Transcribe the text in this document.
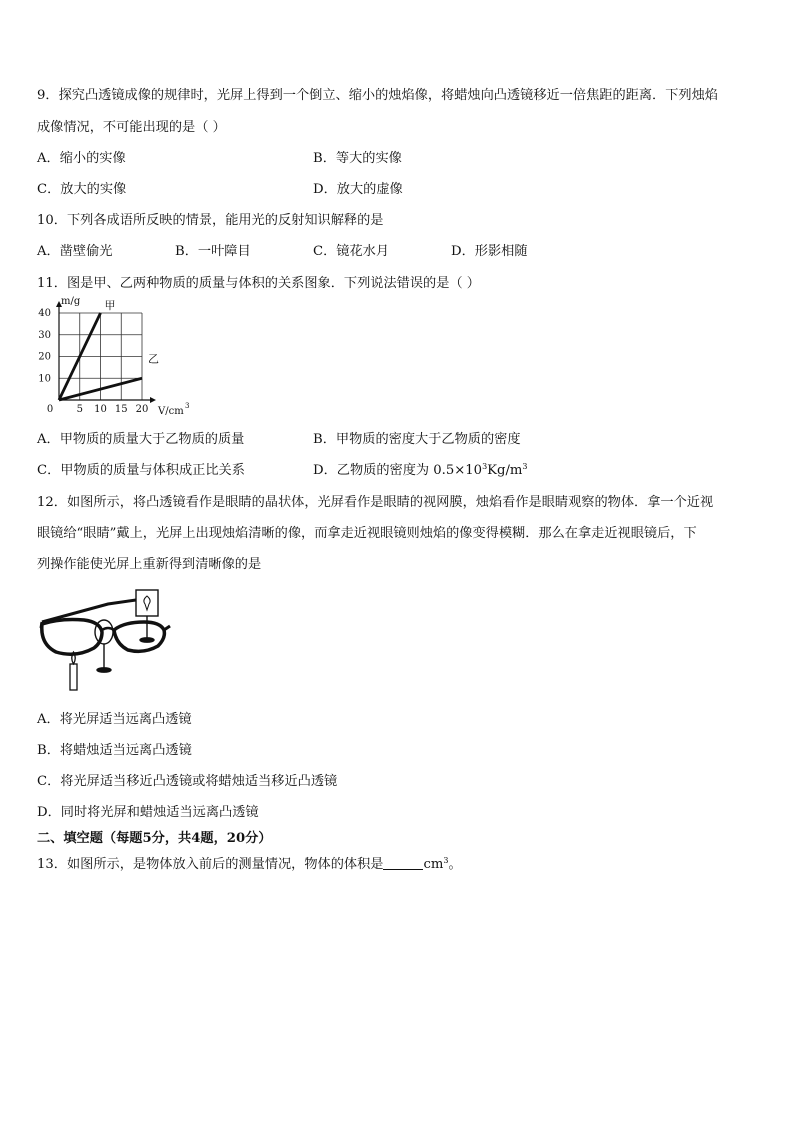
9．探究凸透镜成像的规律时，光屏上得到一个倒立、缩小的烛焰像，将蜡烛向凸透镜移近一倍焦距的距离．下列烛焰
成像情况，不可能出现的是（ ）
A．缩小的实像	B．等大的实像
C．放大的实像	D．放大的虚像
10．下列各成语所反映的情景，能用光的反射知识解释的是
A．凿壁偷光	B．一叶障目	C．镜花水月	D．形影相随
11．图是甲、乙两种物质的质量与体积的关系图象．下列说法错误的是（ ）
0 5 10 15 20
10
20
30
40
m/g
V/cm 3
甲
乙
A．甲物质的质量大于乙物质的质量	B．甲物质的密度大于乙物质的密度
C．甲物质的质量与体积成正比关系	D．乙物质的密度为 $0.5\times 10^3Kg/m^3$
12．如图所示，将凸透镜看作是眼睛的晶状体，光屏看作是眼睛的视网膜，烛焰看作是眼睛观察的物体．拿一个近视
眼镜给“眼睛”戴上，光屏上出现烛焰清晰的像，而拿走近视眼镜则烛焰的像变得模糊．那么在拿走近视眼镜后，下
列操作能使光屏上重新得到清晰像的是
A．将光屏适当远离凸透镜
B．将蜡烛适当远离凸透镜
C．将光屏适当移近凸透镜或将蜡烛适当移近凸透镜
D．同时将光屏和蜡烛适当远离凸透镜
二、填空题（每题5分，共4题，20分）
13．如图所示，是物体放入前后的测量情况，物体的体积是	$cm^3$。
